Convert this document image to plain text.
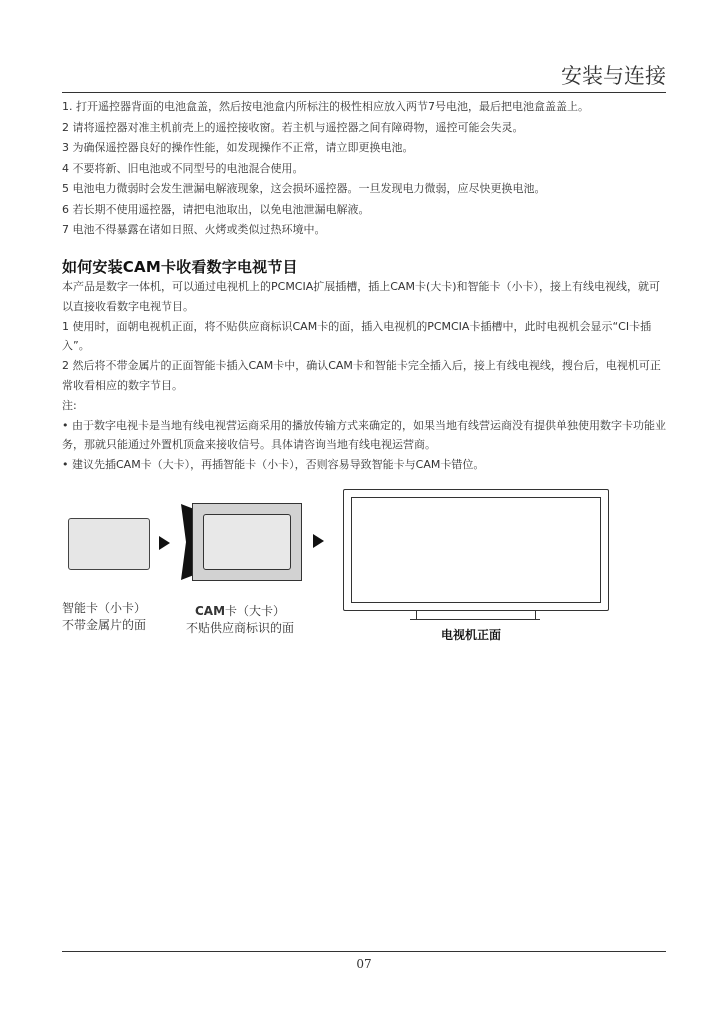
安装与连接
1. 打开遥控器背面的电池盒盖，然后按电池盒内所标注的极性相应放入两节7号电池，最后把电池盒盖盖上。
2 请将遥控器对准主机前壳上的遥控接收窗。若主机与遥控器之间有障碍物，遥控可能会失灵。
3 为确保遥控器良好的操作性能，如发现操作不正常，请立即更换电池。
4 不要将新、旧电池或不同型号的电池混合使用。
5 电池电力微弱时会发生泄漏电解液现象，这会损坏遥控器。一旦发现电力微弱，应尽快更换电池。
6 若长期不使用遥控器，请把电池取出，以免电池泄漏电解液。
7 电池不得暴露在诸如日照、火烤或类似过热环境中。
如何安装CAM卡收看数字电视节目

本产品是数字一体机，可以通过电视机上的PCMCIA扩展插槽，插上CAM卡(大卡)和智能卡（小卡），接上有线电视线，就可以直接收看数字电视节目。

1 使用时，面朝电视机正面，将不贴供应商标识CAM卡的面，插入电视机的PCMCIA卡插槽中，此时电视机会显示“CI卡插入”。

2 然后将不带金属片的正面智能卡插入CAM卡中，确认CAM卡和智能卡完全插入后，接上有线电视线，搜台后，电视机可正常收看相应的数字节目。

注:

• 由于数字电视卡是当地有线电视营运商采用的播放传输方式来确定的，如果当地有线营运商没有提供单独使用数字卡功能业务，那就只能通过外置机顶盒来接收信号。具体请咨询当地有线电视运营商。

• 建议先插CAM卡（大卡），再插智能卡（小卡），否则容易导致智能卡与CAM卡错位。

智能卡（小卡）
不带金属片的面
CAM卡（大卡）
不贴供应商标识的面	电视机正面
07
